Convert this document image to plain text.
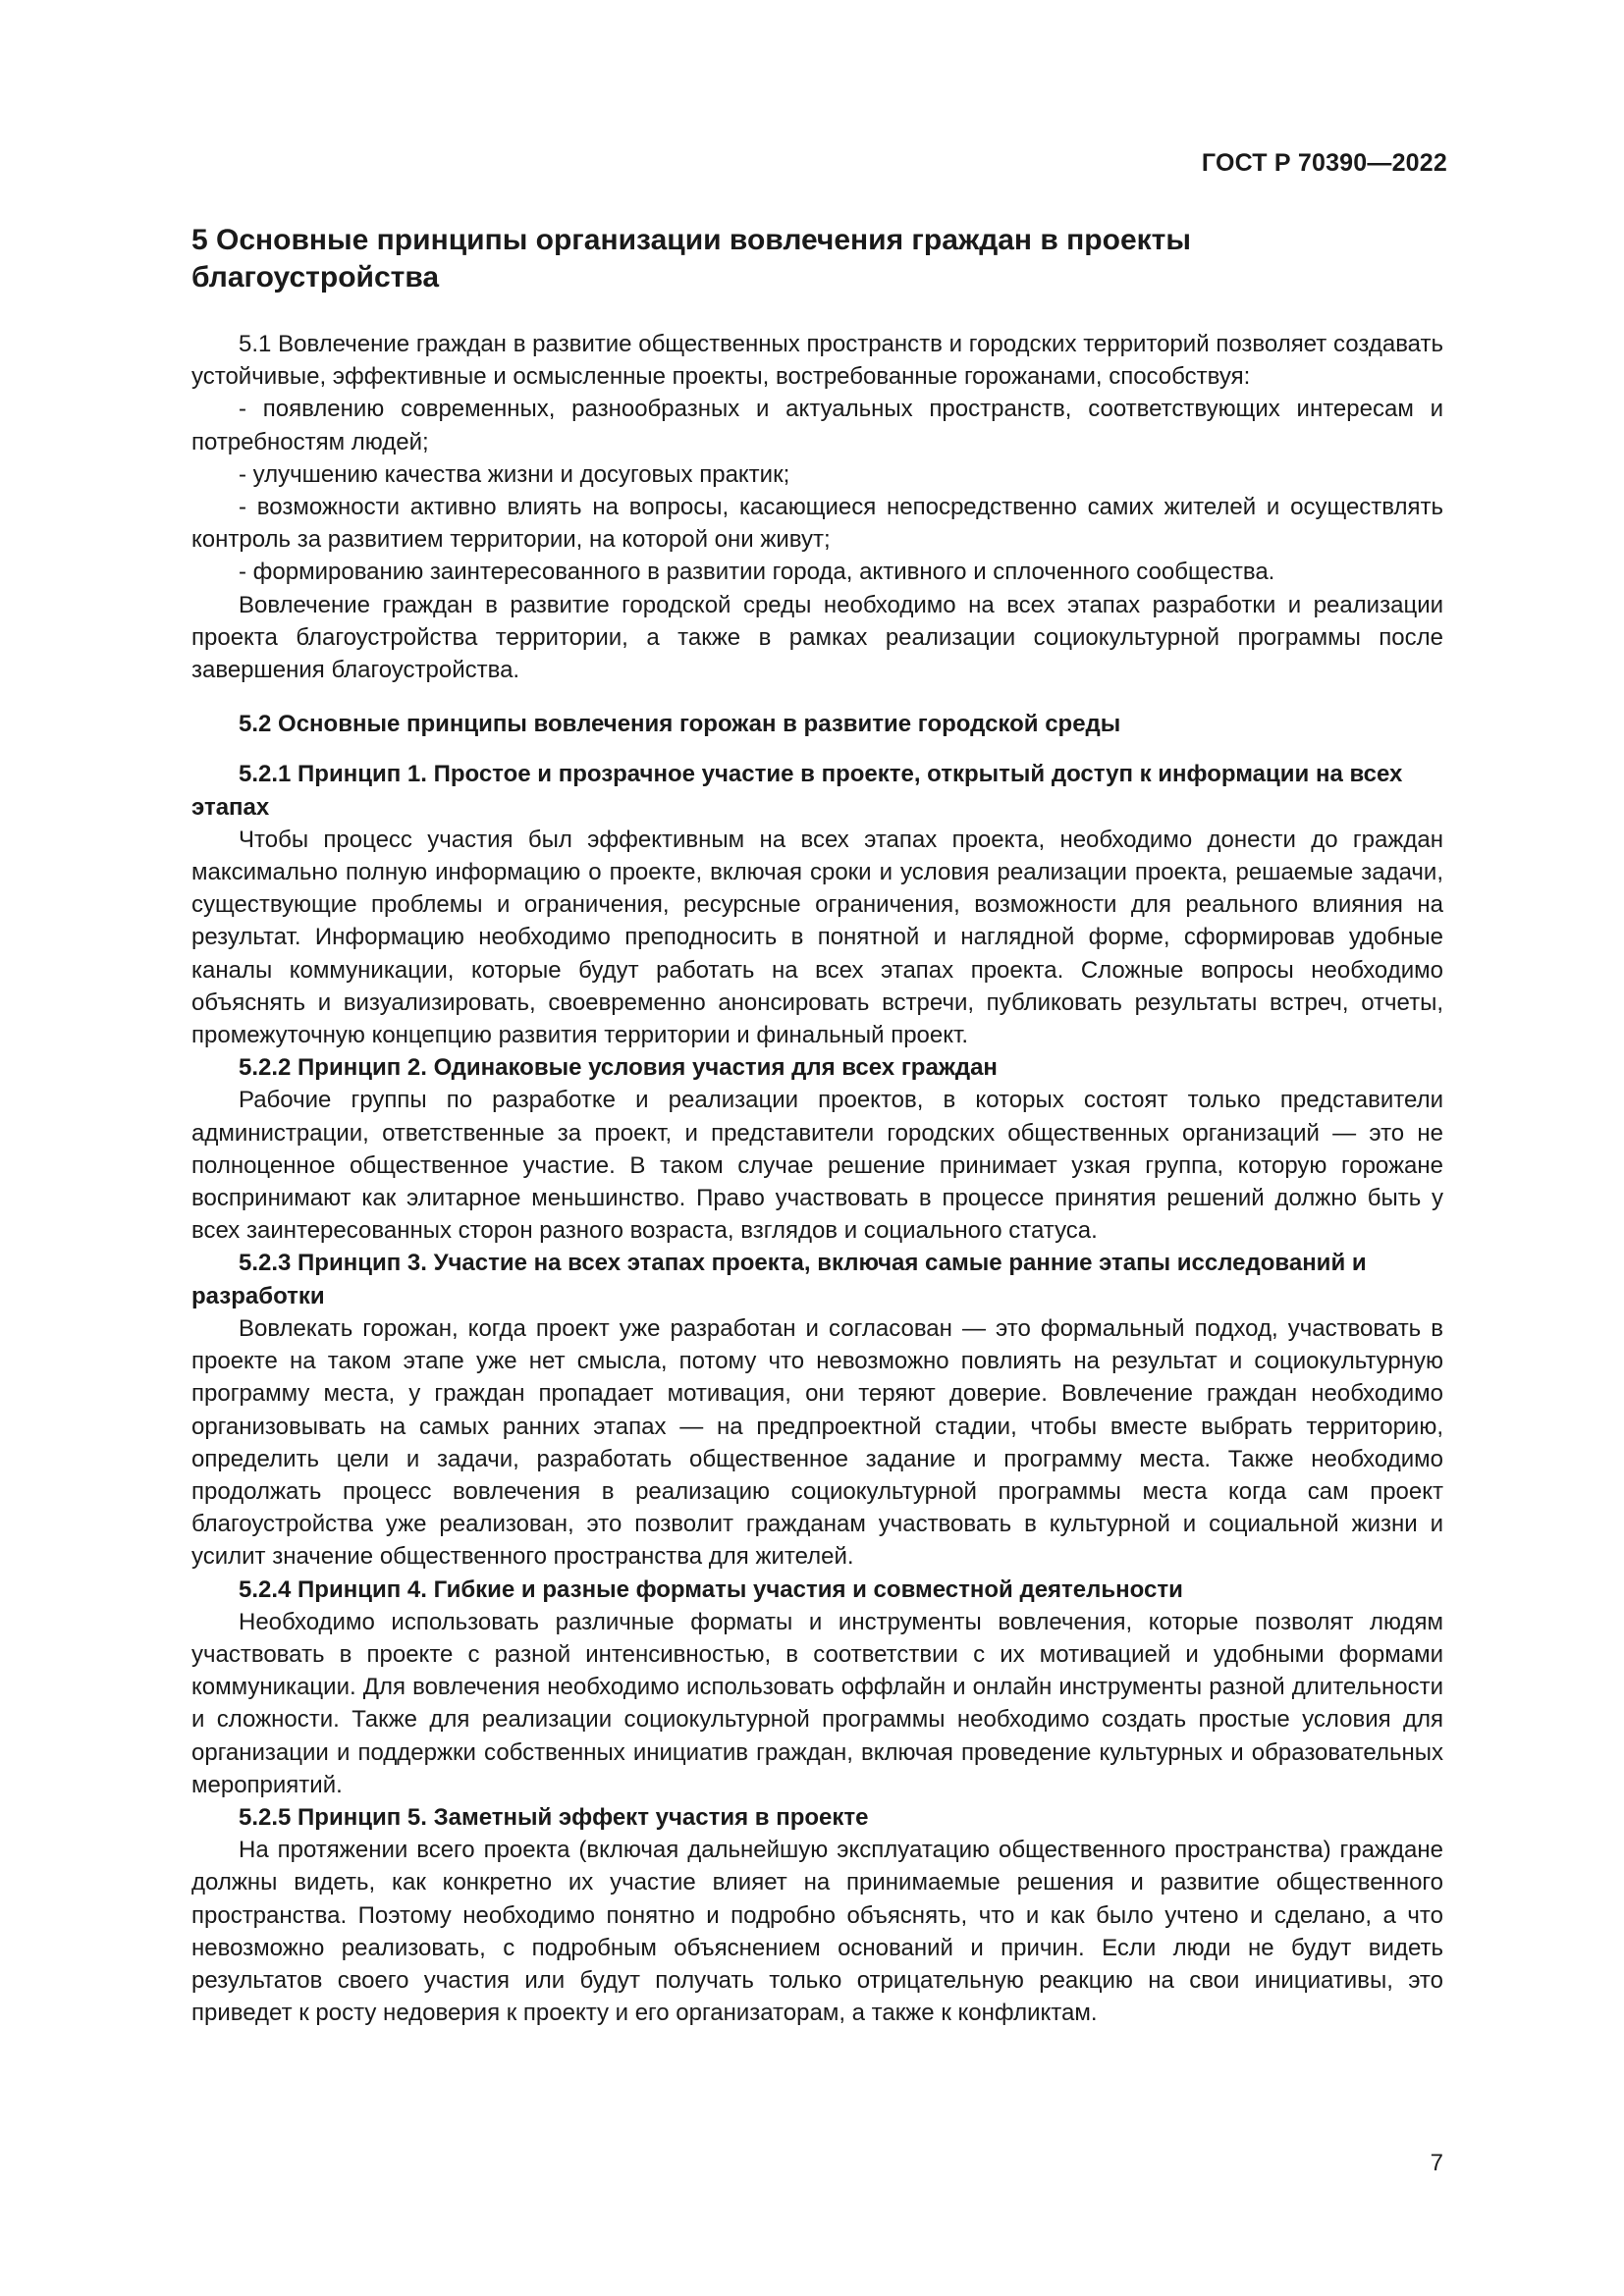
ГОСТ Р 70390—2022
5 Основные принципы организации вовлечения граждан в проекты благоустройства

5.1 Вовлечение граждан в развитие общественных пространств и городских территорий позволяет создавать устойчивые, эффективные и осмысленные проекты, востребованные горожанами, способствуя:

- появлению современных, разнообразных и актуальных пространств, соответствующих интересам и потребностям людей;

- улучшению качества жизни и досуговых практик;

- возможности активно влиять на вопросы, касающиеся непосредственно самих жителей и осуществлять контроль за развитием территории, на которой они живут;

- формированию заинтересованного в развитии города, активного и сплоченного сообщества.

Вовлечение граждан в развитие городской среды необходимо на всех этапах разработки и реализации проекта благоустройства территории, а также в рамках реализации социокультурной программы после завершения благоустройства.

5.2 Основные принципы вовлечения горожан в развитие городской среды
5.2.1 Принцип 1. Простое и прозрачное участие в проекте, открытый доступ к информации на всех этапах

Чтобы процесс участия был эффективным на всех этапах проекта, необходимо донести до граждан максимально полную информацию о проекте, включая сроки и условия реализации проекта, решаемые задачи, существующие проблемы и ограничения, ресурсные ограничения, возможности для реального влияния на результат. Информацию необходимо преподносить в понятной и наглядной форме, сформировав удобные каналы коммуникации, которые будут работать на всех этапах проекта. Сложные вопросы необходимо объяснять и визуализировать, своевременно анонсировать встречи, публиковать результаты встреч, отчеты, промежуточную концепцию развития территории и финальный проект.

5.2.2 Принцип 2. Одинаковые условия участия для всех граждан

Рабочие группы по разработке и реализации проектов, в которых состоят только представители администрации, ответственные за проект, и представители городских общественных организаций — это не полноценное общественное участие. В таком случае решение принимает узкая группа, которую горожане воспринимают как элитарное меньшинство. Право участвовать в процессе принятия решений должно быть у всех заинтересованных сторон разного возраста, взглядов и социального статуса.

5.2.3 Принцип 3. Участие на всех этапах проекта, включая самые ранние этапы исследований и разработки

Вовлекать горожан, когда проект уже разработан и согласован — это формальный подход, участвовать в проекте на таком этапе уже нет смысла, потому что невозможно повлиять на результат и социокультурную программу места, у граждан пропадает мотивация, они теряют доверие. Вовлечение граждан необходимо организовывать на самых ранних этапах — на предпроектной стадии, чтобы вместе выбрать территорию, определить цели и задачи, разработать общественное задание и программу места. Также необходимо продолжать процесс вовлечения в реализацию социокультурной программы места когда сам проект благоустройства уже реализован, это позволит гражданам участвовать в культурной и социальной жизни и усилит значение общественного пространства для жителей.

5.2.4 Принцип 4. Гибкие и разные форматы участия и совместной деятельности

Необходимо использовать различные форматы и инструменты вовлечения, которые позволят людям участвовать в проекте с разной интенсивностью, в соответствии с их мотивацией и удобными формами коммуникации. Для вовлечения необходимо использовать оффлайн и онлайн инструменты разной длительности и сложности. Также для реализации социокультурной программы необходимо создать простые условия для организации и поддержки собственных инициатив граждан, включая проведение культурных и образовательных мероприятий.

5.2.5 Принцип 5. Заметный эффект участия в проекте

На протяжении всего проекта (включая дальнейшую эксплуатацию общественного пространства) граждане должны видеть, как конкретно их участие влияет на принимаемые решения и развитие общественного пространства. Поэтому необходимо понятно и подробно объяснять, что и как было учтено и сделано, а что невозможно реализовать, с подробным объяснением оснований и причин. Если люди не будут видеть результатов своего участия или будут получать только отрицательную реакцию на свои инициативы, это приведет к росту недоверия к проекту и его организаторам, а также к конфликтам.

7
